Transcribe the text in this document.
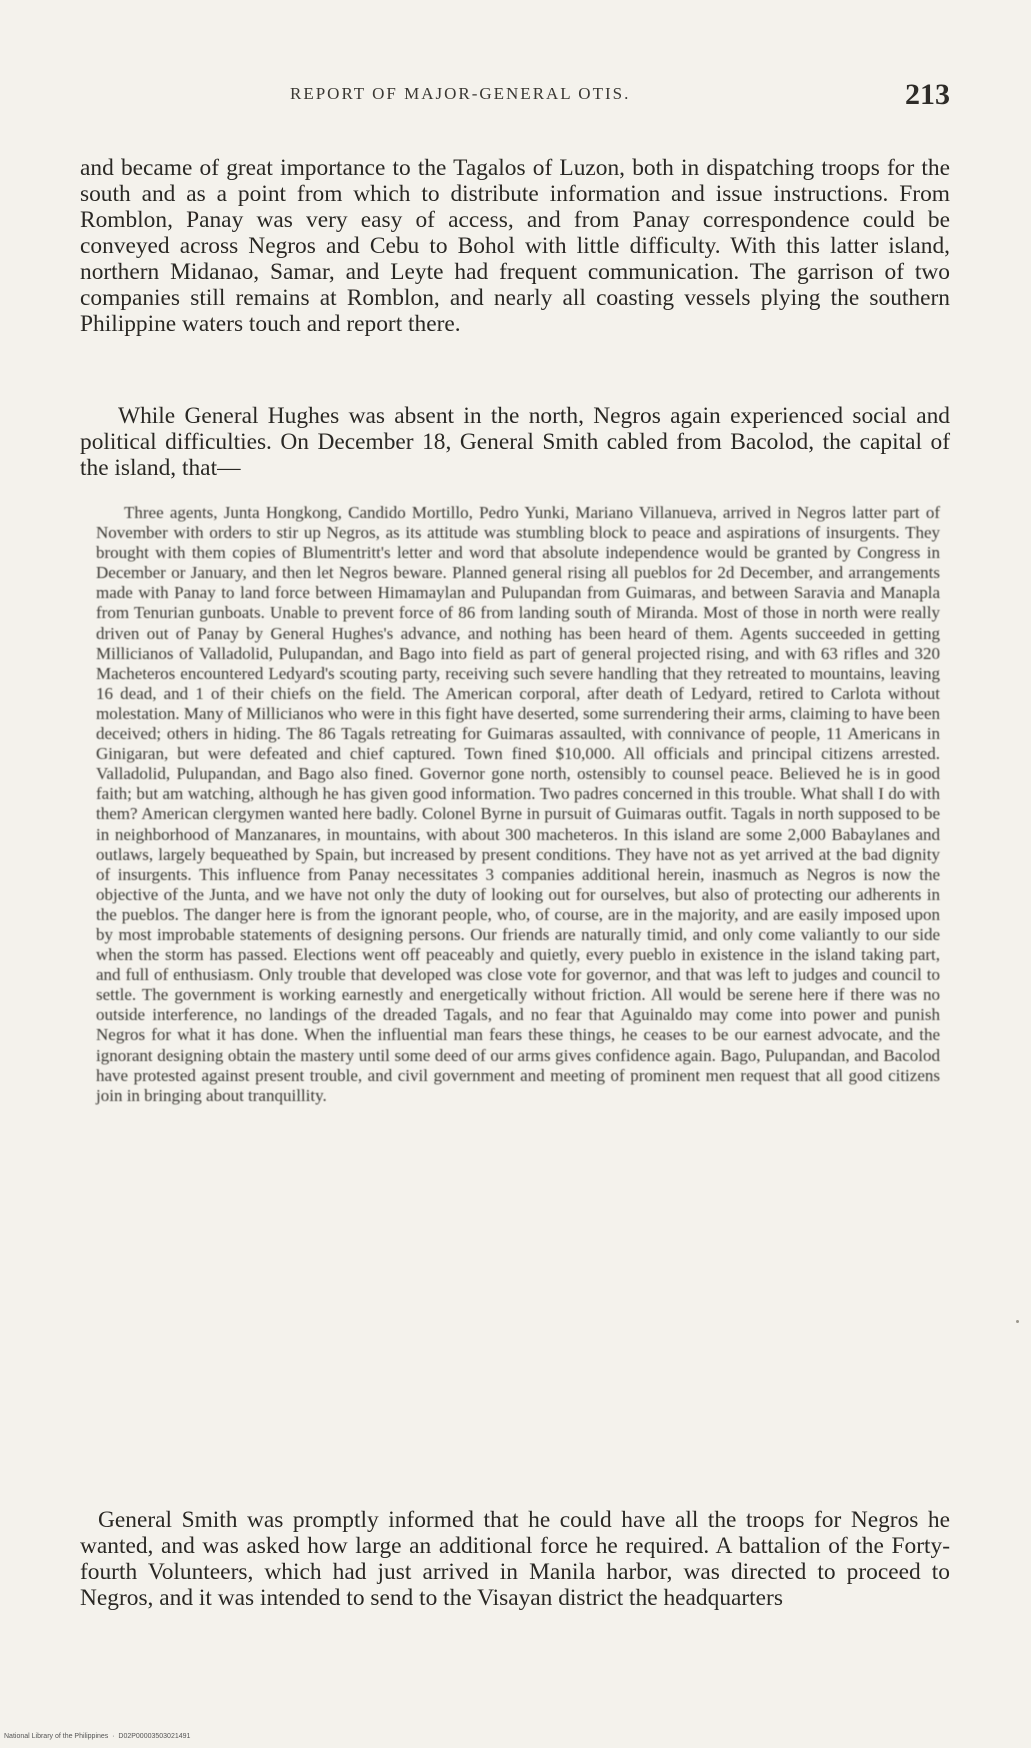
REPORT OF MAJOR-GENERAL OTIS.	213

and became of great importance to the Tagalos of Luzon, both in dispatching troops for the south and as a point from which to distribute information and issue instructions. From Romblon, Panay was very easy of access, and from Panay correspondence could be conveyed across Negros and Cebu to Bohol with little difficulty. With this latter island, northern Midanao, Samar, and Leyte had frequent communication. The garrison of two companies still remains at Romblon, and nearly all coasting vessels plying the southern Philippine waters touch and report there.

While General Hughes was absent in the north, Negros again experienced social and political difficulties. On December 18, General Smith cabled from Bacolod, the capital of the island, that—

Three agents, Junta Hongkong, Candido Mortillo, Pedro Yunki, Mariano Villanueva, arrived in Negros latter part of November with orders to stir up Negros, as its attitude was stumbling block to peace and aspirations of insurgents. They brought with them copies of Blumentritt's letter and word that absolute independence would be granted by Congress in December or January, and then let Negros beware. Planned general rising all pueblos for 2d December, and arrangements made with Panay to land force between Himamaylan and Pulupandan from Guimaras, and between Saravia and Manapla from Tenurian gunboats. Unable to prevent force of 86 from landing south of Miranda. Most of those in north were really driven out of Panay by General Hughes's advance, and nothing has been heard of them. Agents succeeded in getting Millicianos of Valladolid, Pulupandan, and Bago into field as part of general projected rising, and with 63 rifles and 320 Macheteros encountered Ledyard's scouting party, receiving such severe handling that they retreated to mountains, leaving 16 dead, and 1 of their chiefs on the field. The American corporal, after death of Ledyard, retired to Carlota without molestation. Many of Millicianos who were in this fight have deserted, some surrendering their arms, claiming to have been deceived; others in hiding. The 86 Tagals retreating for Guimaras assaulted, with connivance of people, 11 Americans in Ginigaran, but were defeated and chief captured. Town fined $10,000. All officials and principal citizens arrested. Valladolid, Pulupandan, and Bago also fined. Governor gone north, ostensibly to counsel peace. Believed he is in good faith; but am watching, although he has given good information. Two padres concerned in this trouble. What shall I do with them? American clergymen wanted here badly. Colonel Byrne in pursuit of Guimaras outfit. Tagals in north supposed to be in neighborhood of Manzanares, in mountains, with about 300 macheteros. In this island are some 2,000 Babaylanes and outlaws, largely bequeathed by Spain, but increased by present conditions. They have not as yet arrived at the bad dignity of insurgents. This influence from Panay necessitates 3 companies additional herein, inasmuch as Negros is now the objective of the Junta, and we have not only the duty of looking out for ourselves, but also of protecting our adherents in the pueblos. The danger here is from the ignorant people, who, of course, are in the majority, and are easily imposed upon by most improbable statements of designing persons. Our friends are naturally timid, and only come valiantly to our side when the storm has passed. Elections went off peaceably and quietly, every pueblo in existence in the island taking part, and full of enthusiasm. Only trouble that developed was close vote for governor, and that was left to judges and council to settle. The government is working earnestly and energetically without friction. All would be serene here if there was no outside interference, no landings of the dreaded Tagals, and no fear that Aguinaldo may come into power and punish Negros for what it has done. When the influential man fears these things, he ceases to be our earnest advocate, and the ignorant designing obtain the mastery until some deed of our arms gives confidence again. Bago, Pulupandan, and Bacolod have protested against present trouble, and civil government and meeting of prominent men request that all good citizens join in bringing about tranquillity.

General Smith was promptly informed that he could have all the troops for Negros he wanted, and was asked how large an additional force he required. A battalion of the Forty-fourth Volunteers, which had just arrived in Manila harbor, was directed to proceed to Negros, and it was intended to send to the Visayan district the headquarters

National Library of the Philippines  ·  D02P00003503021491
